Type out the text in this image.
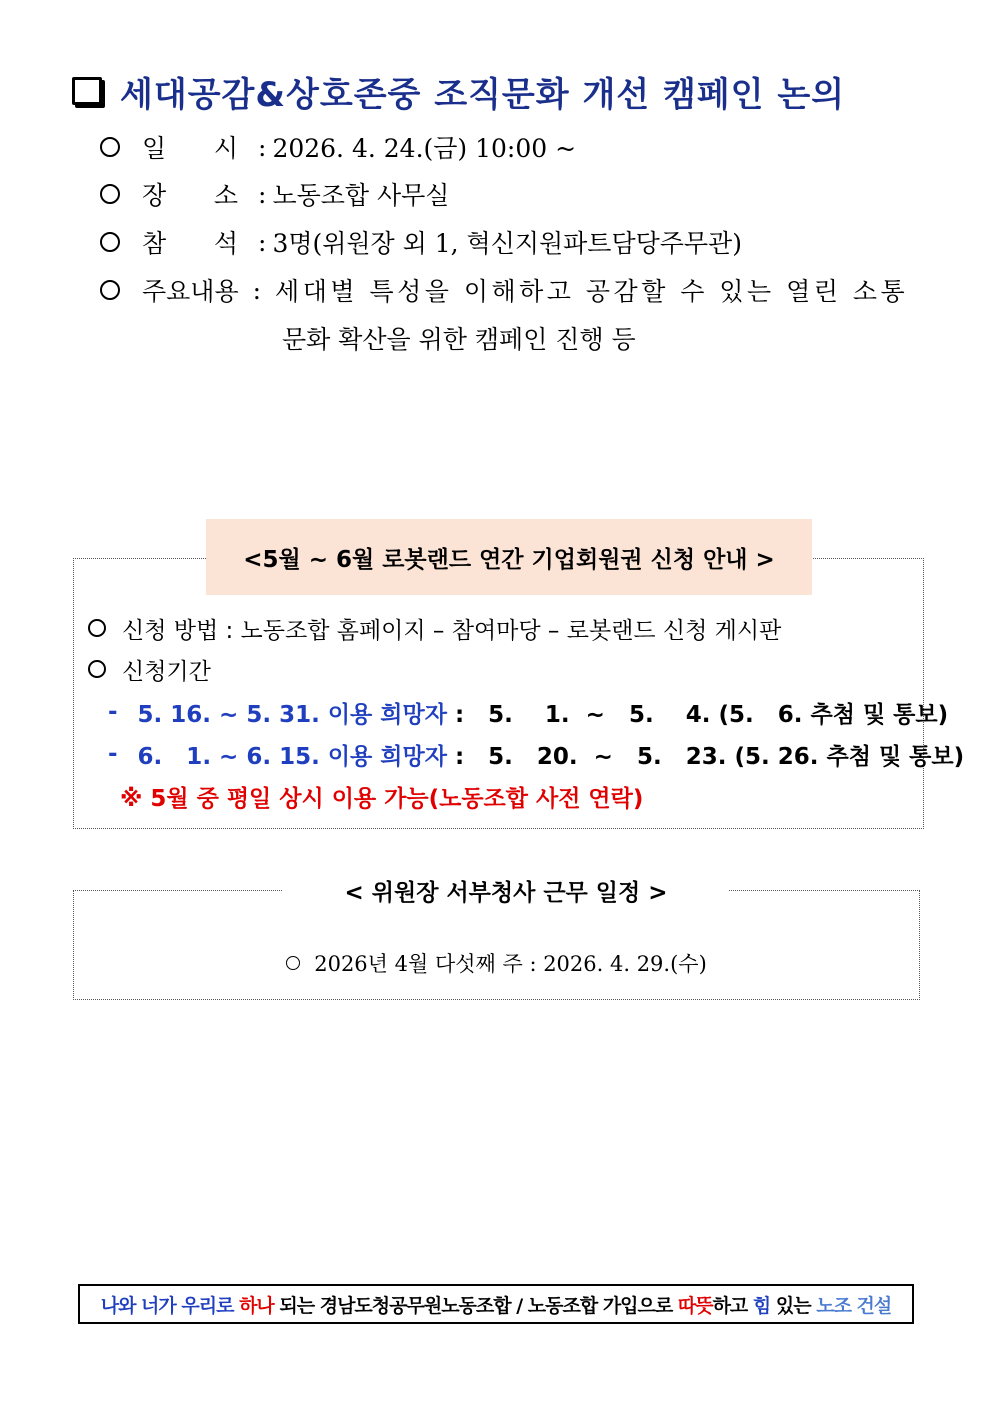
세대공감&상호존중 조직문화 개선 캠페인 논의
일      시 : 2026. 4. 24.(금) 10:00 ~
장      소 : 노동조합 사무실
참      석 : 3명(위원장 외 1, 혁신지원파트담당주무관)
주요내용 : 세대별 특성을 이해하고 공감할 수 있는 열린 소통
문화 확산을 위한 캠페인 진행 등
<5월 ~ 6월 로봇랜드 연간 기업회원권 신청 안내 >
신청 방법 : 노동조합 홈페이지 – 참여마당 – 로봇랜드 신청 게시판
신청기간
- 5. 16. ~ 5. 31. 이용 희망자 :   5.    1.  ~   5.    4. (5.   6. 추첨 및 통보)
- 6.   1. ~ 6. 15. 이용 희망자 :   5.   20.  ~   5.   23. (5. 26. 추첨 및 통보)
※ 5월 중 평일 상시 이용 가능(노동조합 사전 연락)
< 위원장 서부청사 근무 일정 >
2026년 4월 다섯째 주 : 2026. 4. 29.(수)
나와 너가 우리로 하나 되는 경남도청공무원노동조합 / 노동조합 가입으로 따뜻 하고 힘 있는 노조 건설
